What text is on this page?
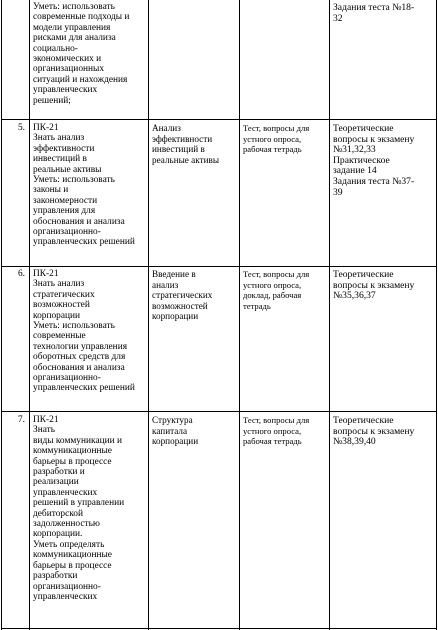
Уметь: использовать
современные подходы и
модели управления
рисками для анализа
социально-
экономических и
организационных
ситуаций и нахождения
управленческих
решений;
Задания теста №18-
32
5. ПК-21
Знать анализ
эффективности
инвестиций в
реальные активы
Уметь: использовать
законы и
закономерности
управления для
обоснования и анализа
организационно-
управленческих решений
Анализ
эффективности
инвестиций в
реальные активы
Тест, вопросы для
устного опроса,
рабочая тетрадь
Теоретические
вопросы к экзамену
№31,32,33
Практическое
задание 14
Задания теста №37-
39
6. ПК-21
Знать анализ
стратегических
возможностей
корпорации
Уметь: использовать
современные
технологии управления
оборотных средств для
обоснования и анализа
организационно-
управленческих решений
Введение в
анализ
стратегических
возможностей
корпорации
Тест, вопросы для
устного опроса,
доклад, рабочая
тетрадь
Теоретические
вопросы к экзамену
№35,36,37
7. ПК-21
Знать
виды коммуникации и
коммуникационные
барьеры в процессе
разработки и
реализации
управленческих
решений в управлении
дебиторской
задолженностью
корпорации.
Уметь определять
коммуникационные
барьеры в процессе
разработки
организационно-
управленческих
Структура
капитала
корпорации
Тест, вопросы для
устного опроса,
рабочая тетрадь
Теоретические
вопросы к экзамену
№38,39,40
